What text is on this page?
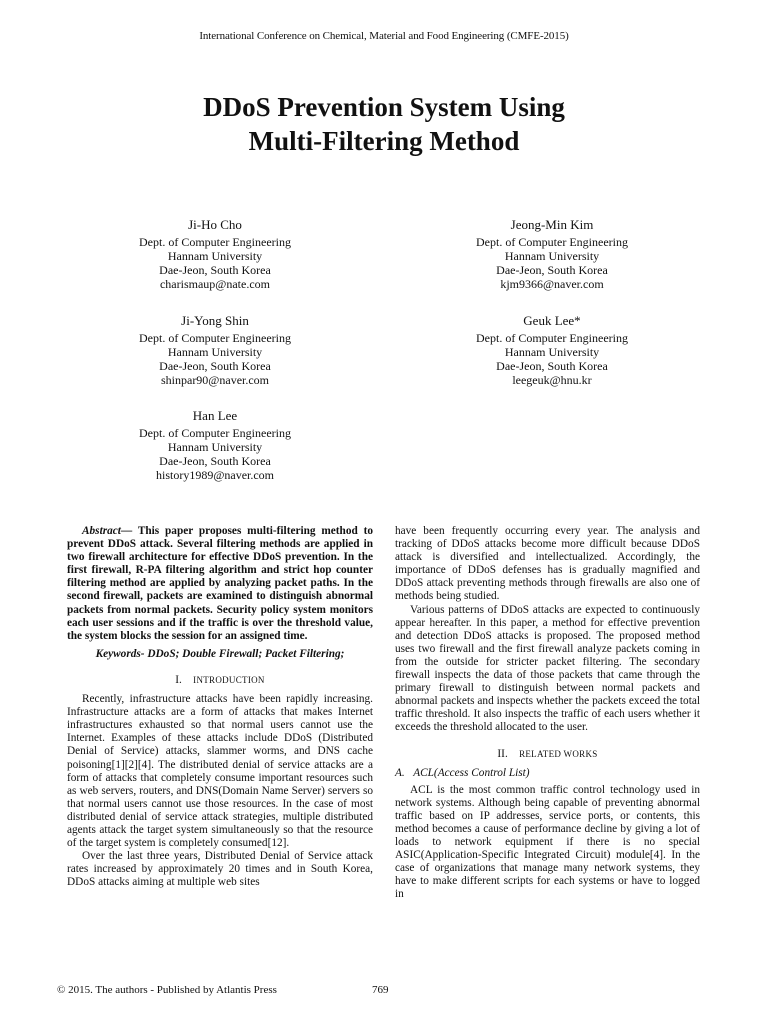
International Conference on Chemical, Material and Food Engineering (CMFE-2015)
DDoS Prevention System Using
Multi-Filtering Method
Ji-Ho Cho
Dept. of Computer Engineering
Hannam University
Dae-Jeon, South Korea
charismaup@nate.com
Jeong-Min Kim
Dept. of Computer Engineering
Hannam University
Dae-Jeon, South Korea
kjm9366@naver.com
Ji-Yong Shin
Dept. of Computer Engineering
Hannam University
Dae-Jeon, South Korea
shinpar90@naver.com
Geuk Lee*
Dept. of Computer Engineering
Hannam University
Dae-Jeon, South Korea
leegeuk@hnu.kr
Han Lee
Dept. of Computer Engineering
Hannam University
Dae-Jeon, South Korea
history1989@naver.com

Abstract— This paper proposes multi-filtering method to prevent DDoS attack. Several filtering methods are applied in two firewall architecture for effective DDoS prevention. In the first firewall, R-PA filtering algorithm and strict hop counter filtering method are applied by analyzing packet paths. In the second firewall, packets are examined to distinguish abnormal packets from normal packets. Security policy system monitors each user sessions and if the traffic is over the threshold value, the system blocks the session for an assigned time.

Keywords- DDoS; Double Firewall; Packet Filtering;

I. INTRODUCTION

Recently, infrastructure attacks have been rapidly increasing. Infrastructure attacks are a form of attacks that makes Internet infrastructures exhausted so that normal users cannot use the Internet. Examples of these attacks include DDoS (Distributed Denial of Service) attacks, slammer worms, and DNS cache poisoning[1][2][4]. The distributed denial of service attacks are a form of attacks that completely consume important resources such as web servers, routers, and DNS(Domain Name Server) servers so that normal users cannot use those resources. In the case of most distributed denial of service attack strategies, multiple distributed agents attack the target system simultaneously so that the resource of the target system is completely consumed[12].

Over the last three years, Distributed Denial of Service attack rates increased by approximately 20 times and in South Korea, DDoS attacks aiming at multiple web sites

have been frequently occurring every year. The analysis and tracking of DDoS attacks become more difficult because DDoS attack is diversified and intellectualized. Accordingly, the importance of DDoS defenses has is gradually magnified and DDoS attack preventing methods through firewalls are also one of methods being studied.

Various patterns of DDoS attacks are expected to continuously appear hereafter. In this paper, a method for effective prevention and detection DDoS attacks is proposed. The proposed method uses two firewall and the first firewall analyze packets coming in from the outside for stricter packet filtering. The secondary firewall inspects the data of those packets that came through the primary firewall to distinguish between normal packets and abnormal packets and inspects whether the packets exceed the total traffic threshold. It also inspects the traffic of each users whether it exceeds the threshold allocated to the user.

II. RELATED WORKS

A. ACL(Access Control List)

ACL is the most common traffic control technology used in network systems. Although being capable of preventing abnormal traffic based on IP addresses, service ports, or contents, this method becomes a cause of performance decline by giving a lot of loads to network equipment if there is no special ASIC(Application-Specific Integrated Circuit) module[4]. In the case of organizations that manage many network systems, they have to make different scripts for each systems or have to logged in

© 2015. The authors - Published by Atlantis Press	769
